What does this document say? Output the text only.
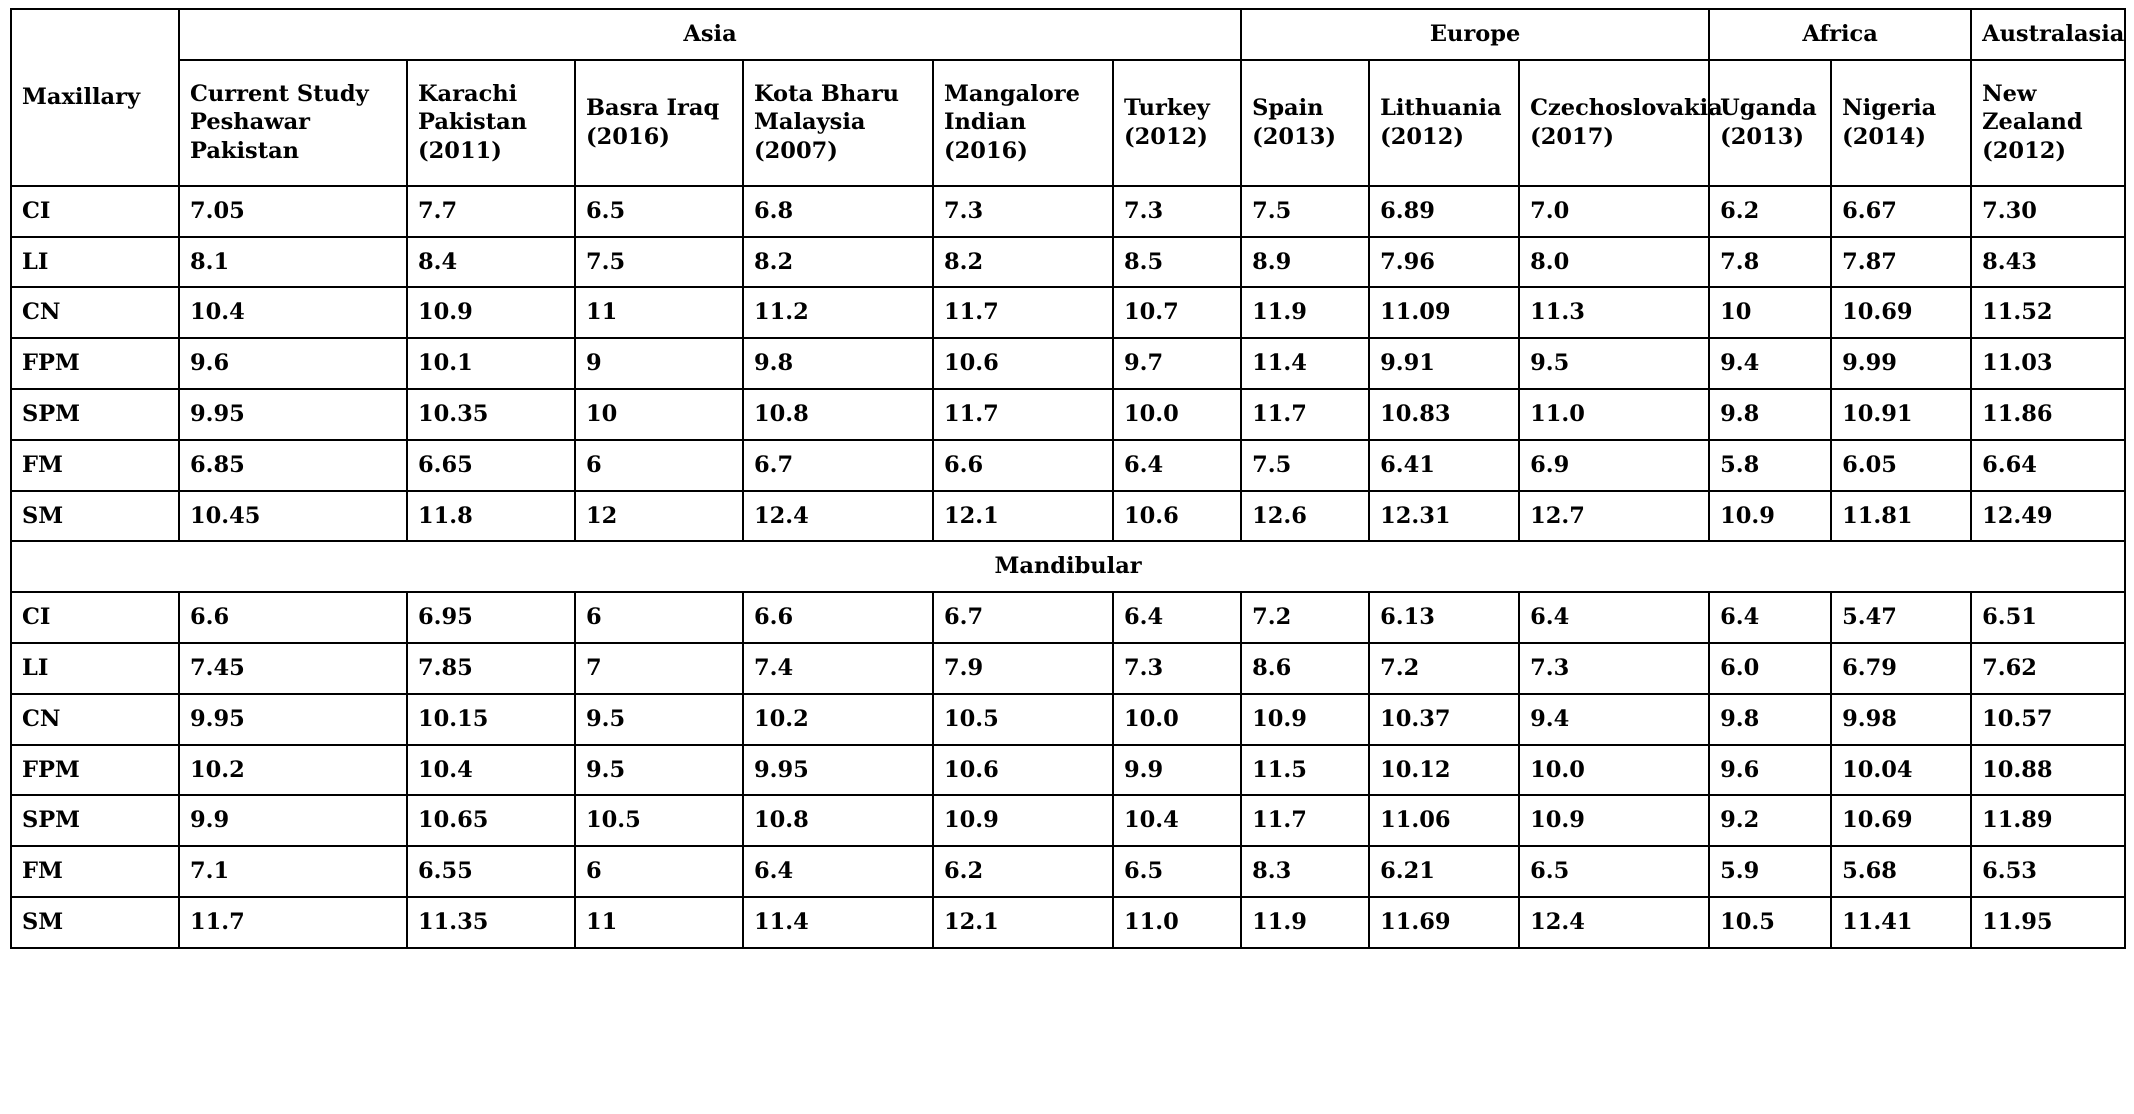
Maxillary	Asia						Europe			Africa		Australasia
	Current Study Peshawar Pakistan	Karachi Pakistan (2011)	Basra Iraq (2016)	Kota Bharu Malaysia (2007)	Mangalore Indian (2016)	Turkey (2012)	Spain (2013)	Lithuania (2012)	Czechoslovakia (2017)	Uganda (2013)	Nigeria (2014)	New Zealand (2012)
CI	7.05	7.7	6.5	6.8	7.3	7.3	7.5	6.89	7.0	6.2	6.67	7.30
LI	8.1	8.4	7.5	8.2	8.2	8.5	8.9	7.96	8.0	7.8	7.87	8.43
CN	10.4	10.9	11	11.2	11.7	10.7	11.9	11.09	11.3	10	10.69	11.52
FPM	9.6	10.1	9	9.8	10.6	9.7	11.4	9.91	9.5	9.4	9.99	11.03
SPM	9.95	10.35	10	10.8	11.7	10.0	11.7	10.83	11.0	9.8	10.91	11.86
FM	6.85	6.65	6	6.7	6.6	6.4	7.5	6.41	6.9	5.8	6.05	6.64
SM	10.45	11.8	12	12.4	12.1	10.6	12.6	12.31	12.7	10.9	11.81	12.49
Mandibular												
CI	6.6	6.95	6	6.6	6.7	6.4	7.2	6.13	6.4	6.4	5.47	6.51
LI	7.45	7.85	7	7.4	7.9	7.3	8.6	7.2	7.3	6.0	6.79	7.62
CN	9.95	10.15	9.5	10.2	10.5	10.0	10.9	10.37	9.4	9.8	9.98	10.57
FPM	10.2	10.4	9.5	9.95	10.6	9.9	11.5	10.12	10.0	9.6	10.04	10.88
SPM	9.9	10.65	10.5	10.8	10.9	10.4	11.7	11.06	10.9	9.2	10.69	11.89
FM	7.1	6.55	6	6.4	6.2	6.5	8.3	6.21	6.5	5.9	5.68	6.53
SM	11.7	11.35	11	11.4	12.1	11.0	11.9	11.69	12.4	10.5	11.41	11.95
